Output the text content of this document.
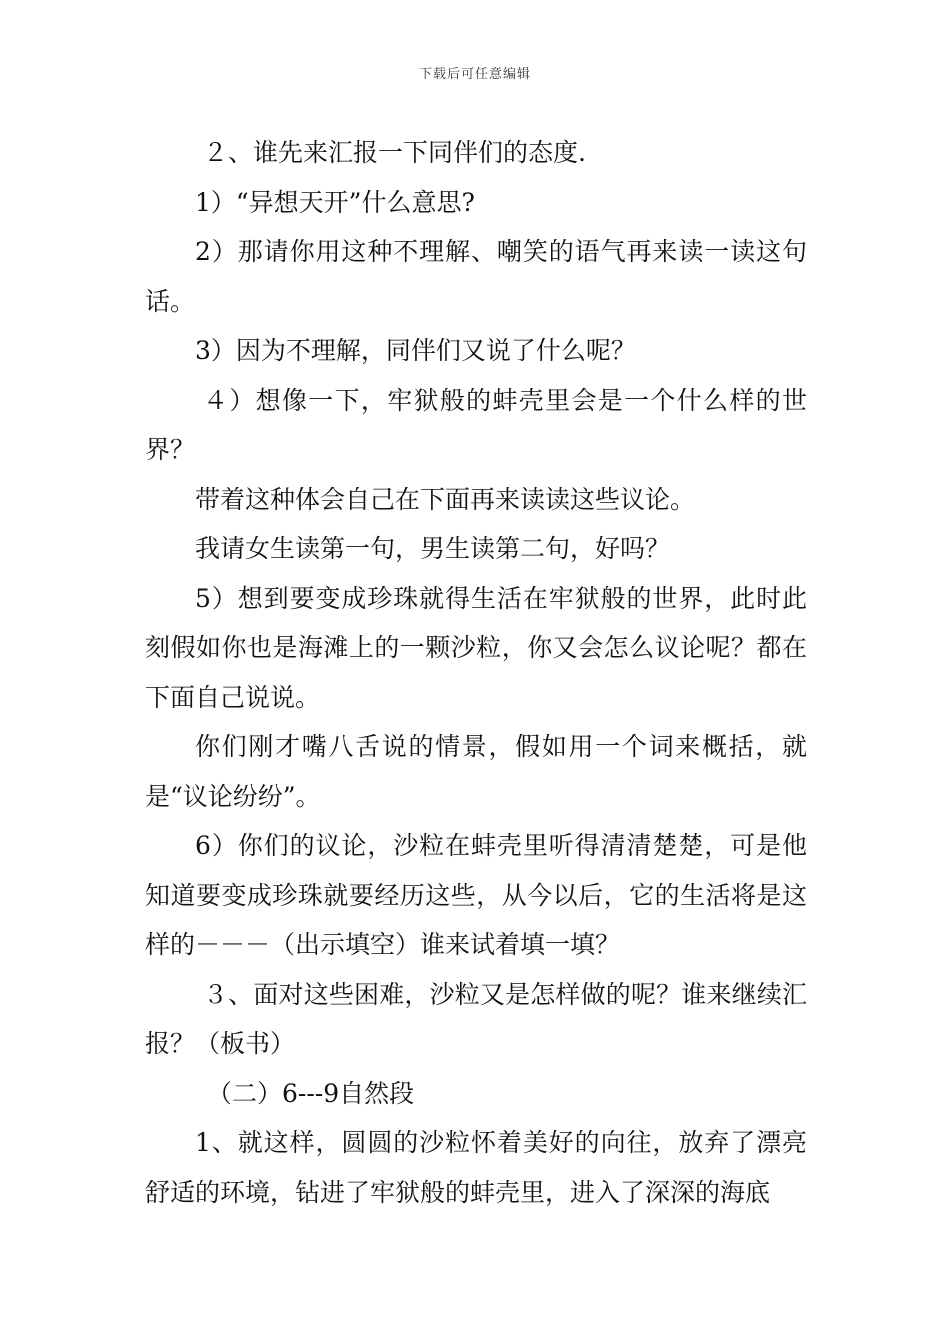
下载后可任意编辑

２、谁先来汇报一下同伴们的态度.

1）“异想天开”什么意思?

2）那请你用这种不理解、嘲笑的语气再来读一读这句话。

3）因为不理解，同伴们又说了什么呢？

４）想像一下，牢狱般的蚌壳里会是一个什么样的世界？

带着这种体会自己在下面再来读读这些议论。

我请女生读第一句，男生读第二句，好吗？

5）想到要变成珍珠就得生活在牢狱般的世界，此时此刻假如你也是海滩上的一颗沙粒，你又会怎么议论呢？都在下面自己说说。

你们刚才嘴八舌说的情景，假如用一个词来概括，就是“议论纷纷”。

6）你们的议论，沙粒在蚌壳里听得清清楚楚，可是他知道要变成珍珠就要经历这些，从今以后，它的生活将是这样的－－－（出示填空）谁来试着填一填？

３、面对这些困难，沙粒又是怎样做的呢？谁来继续汇报？（板书）

（二）6---9自然段

1、就这样，圆圆的沙粒怀着美好的向往，放弃了漂亮舒适的环境，钻进了牢狱般的蚌壳里，进入了深深的海底
